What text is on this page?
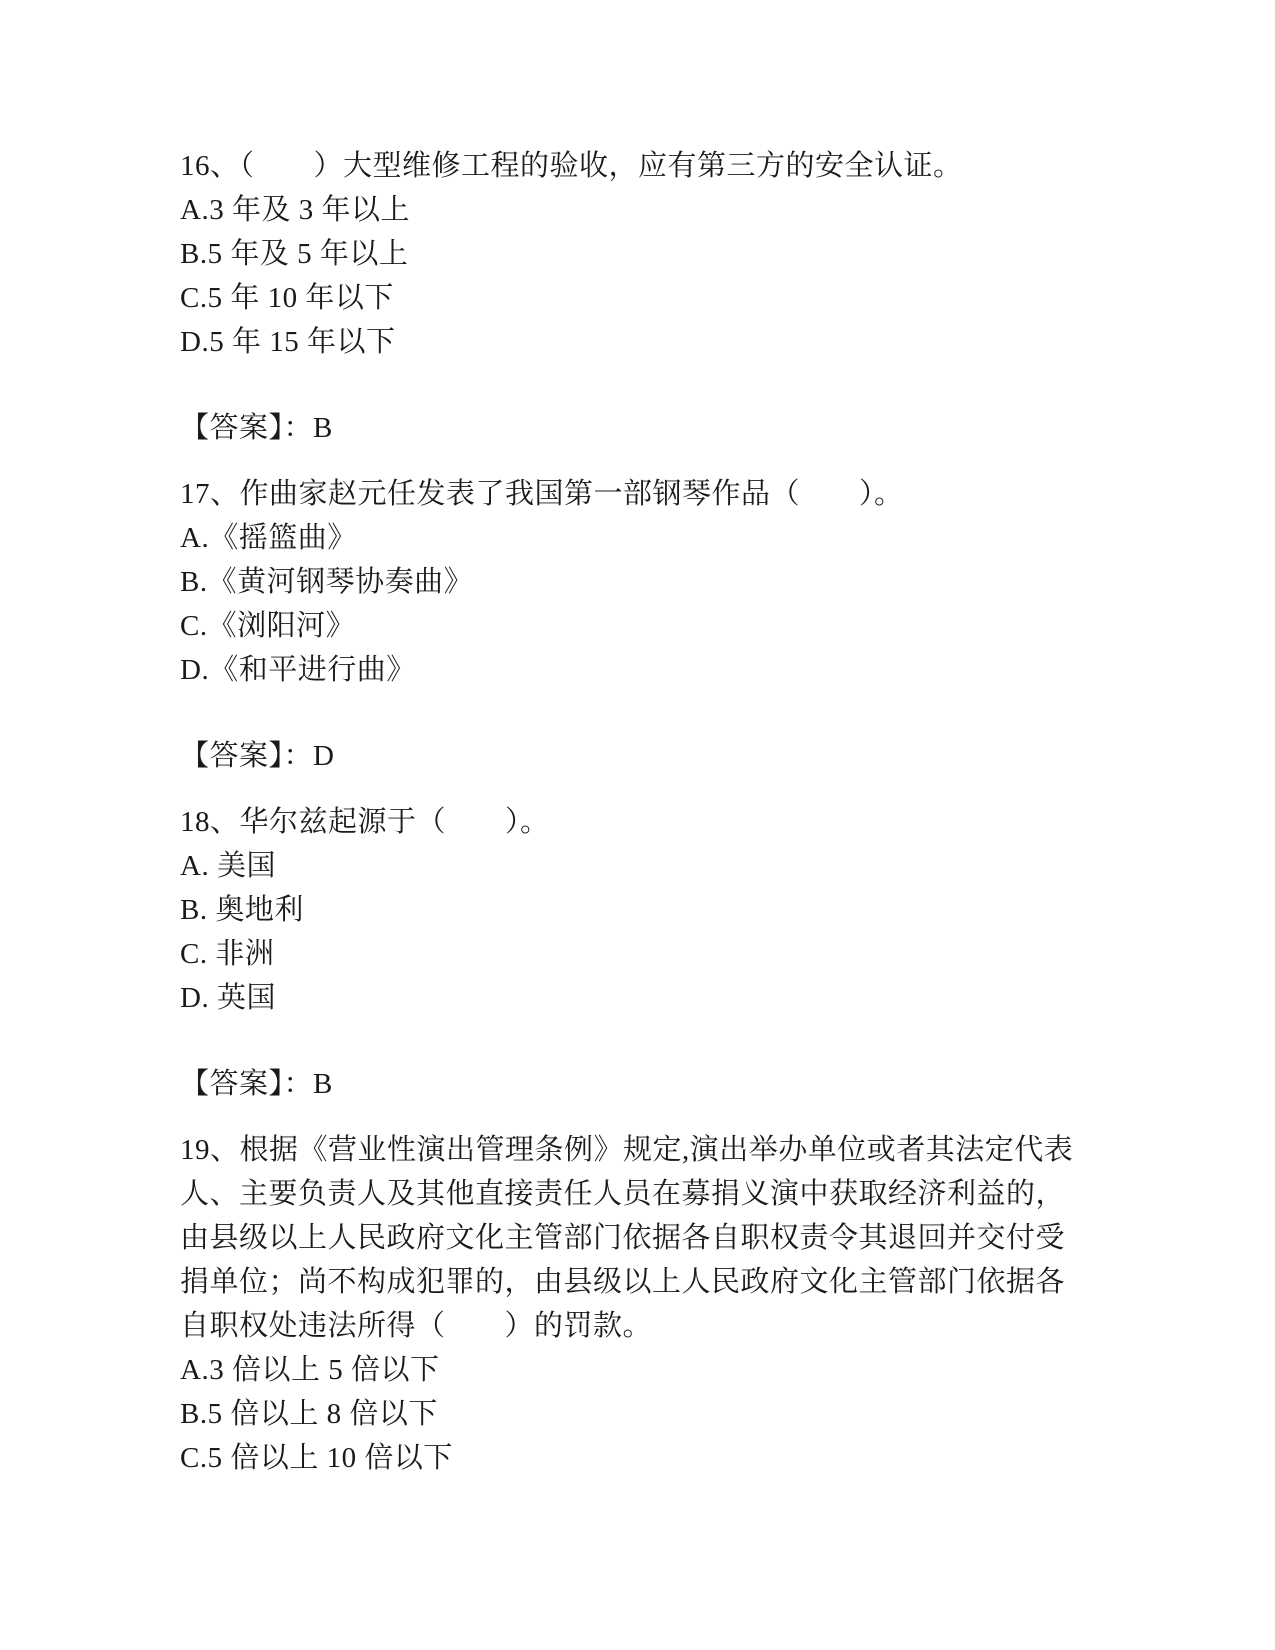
16、（　　）大型维修工程的验收，应有第三方的安全认证。

A.3 年及 3 年以上

B.5 年及 5 年以上

C.5 年 10 年以下

D.5 年 15 年以下

【答案】：B

17、作曲家赵元任发表了我国第一部钢琴作品（　　）。

A.《摇篮曲》

B.《黄河钢琴协奏曲》

C.《浏阳河》

D.《和平进行曲》

【答案】：D

18、华尔兹起源于（　　）。

A. 美国

B. 奥地利

C. 非洲

D. 英国

【答案】：B

19、根据《营业性演出管理条例》规定,演出举办单位或者其法定代表

人、主要负责人及其他直接责任人员在募捐义演中获取经济利益的，

由县级以上人民政府文化主管部门依据各自职权责令其退回并交付受

捐单位；尚不构成犯罪的，由县级以上人民政府文化主管部门依据各

自职权处违法所得（　　）的罚款。

A.3 倍以上 5 倍以下

B.5 倍以上 8 倍以下

C.5 倍以上 10 倍以下
